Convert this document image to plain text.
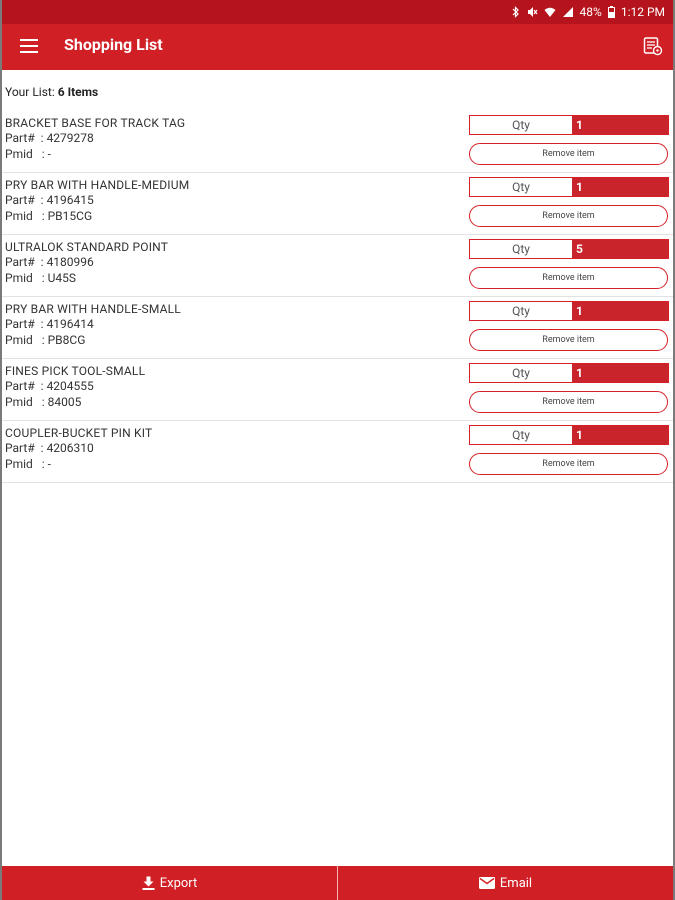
48% 1:12 PM
Shopping List
Your List: 6 Items
BRACKET BASE FOR TRACK TAG
Part# : 4279278
Pmid : -
Qty	1
Remove item
PRY BAR WITH HANDLE-MEDIUM
Part# : 4196415
Pmid : PB15CG
Qty	1
Remove item
ULTRALOK STANDARD POINT
Part# : 4180996
Pmid : U45S
Qty	5
Remove item
PRY BAR WITH HANDLE-SMALL
Part# : 4196414
Pmid : PB8CG
Qty	1
Remove item
FINES PICK TOOL-SMALL
Part# : 4204555
Pmid : 84005
Qty	1
Remove item
COUPLER-BUCKET PIN KIT
Part# : 4206310
Pmid : -
Qty	1
Remove item
Export	Email
